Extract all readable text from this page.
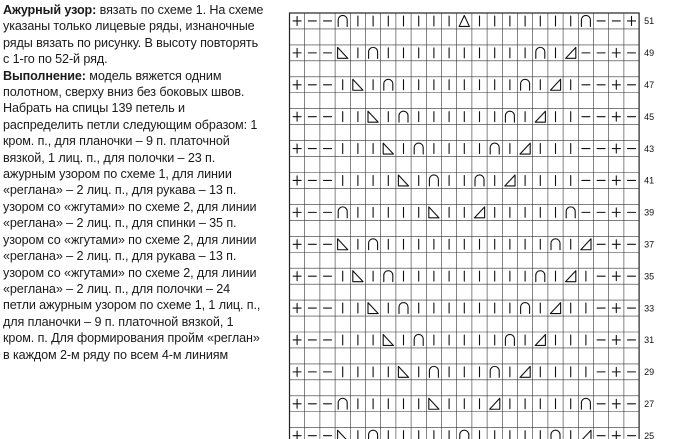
Ажурный узор: вязать по схеме 1. На схеме указаны только лицевые ряды, изнаночные ряды вязать по рисунку. В высоту повторять с 1-го по 52-й ряд.

Выполнение: модель вяжется одним полотном, сверху вниз без боковых швов. Набрать на спицы 139 петель и распределить петли следующим образом: 1 кром. п., для планочки – 9 п. платочной вязкой, 1 лиц. п., для полочки – 23 п. ажурным узором по схеме 1, для линии «реглана» – 2 лиц. п., для рукава – 13 п. узором со «жгутами» по схеме 2, для линии «реглана» – 2 лиц. п., для спинки – 35 п. узором со «жгутами» по схеме 2, для линии «реглана» – 2 лиц. п., для рукава – 13 п. узором со «жгутами» по схеме 2, для линии «реглана» – 2 лиц. п., для полочки – 24 петли ажурным узором по схеме 1, 1 лиц. п., для планочки – 9 п. платочной вязкой, 1 кром. п. Для формирования пройм «реглан» в каждом 2-м ряду по всем 4-м линиям

51
49
47
45
43
41
39
37
35
33
31
29
27
25
